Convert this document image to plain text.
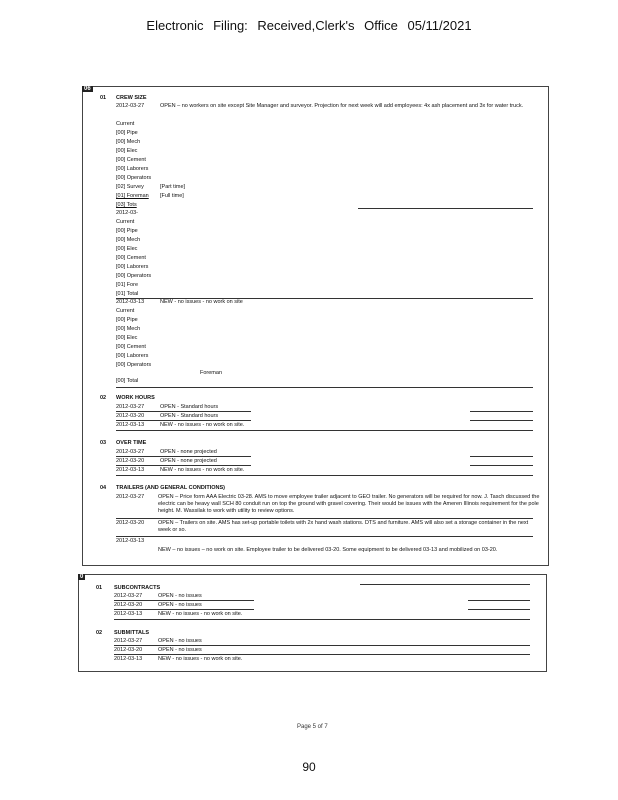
Electronic Filing: Received,Clerk's Office 05/11/2021
06
01 CREW SIZE
2012-03-27	OPEN – no workers on site except Site Manager and surveyor. Projection for next week will add employees: 4x ash placement and 3x for water truck.
Current
[00] Pipe
[00] Mech
[00] Elec
[00] Cement
[00] Laborers
[00] Operators
[02] Survey	[Part time]
[01] Foreman [Full time]
[03] Tots
2012-03-
Current
[00] Pipe
[00] Mech
[00] Elec
[00] Cement
[00] Laborers
[00] Operators
[01] Fore
[01] Total
2012-03-13	NEW - no issues - no work on site
Current
[00] Pipe
[00] Mech
[00] Elec
[00] Cement
[00] Laborers
[00] Operators
Foreman
[00] Total
02 WORK HOURS
2012-03-27	OPEN - Standard hours
2012-03-20	OPEN - Standard hours
2012-03-13	NEW - no issues - no work on site.
03 OVER TIME
2012-03-27	OPEN - none projected
2012-03-20	OPEN - none projected
2012-03-13	NEW - no issues - no work on site.
04 TRAILERS (AND GENERAL CONDITIONS)
2012-03-27	OPEN – Price form AAA Electric 03-28. AMS to move employee trailer adjacent to GEO trailer. No generators will be required for now. J. Tasch discussed the electric can be heavy wall SCH 80 conduit run on top the ground with gravel covering. Their would be issues with the Ameren Illinois requirement for the pole height. M. Wassilak to work with utility to review options.
2012-03-20	OPEN – Trailers on site. AMS has set-up portable toilets with 2x hand wash stations. DTS and furniture. AMS will also set a storage container in the next week or so.
2012-03-13
NEW – no issues – no work on site. Employee trailer to be delivered 03-20. Some equipment to be delivered 03-13 and mobilized on 03-20.
0
01 SUBCONTRACTS
2012-03-27	OPEN - no issues
2012-03-20	OPEN - no issues
2012-03-13	NEW - no issues - no work on site.
02 SUBMITTALS
2012-03-27	OPEN - no issues
2012-03-20	OPEN - no issues
2012-03-13	NEW - no issues - no work on site.
Page 5 of 7
90
